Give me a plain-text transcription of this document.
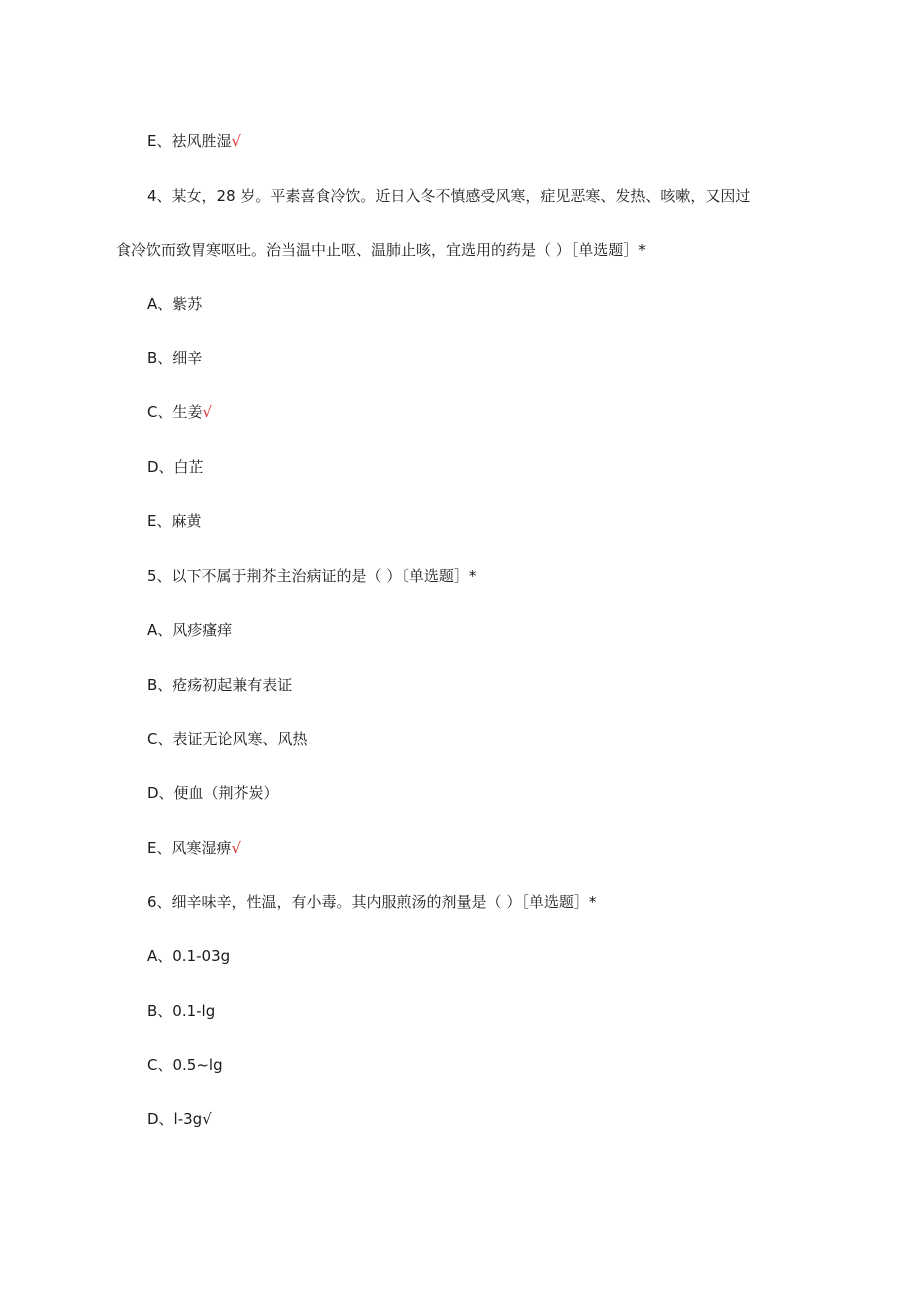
E、祛风胜湿√
4、某女，28 岁。平素喜食冷饮。近日入冬不慎感受风寒，症见恶寒、发热、咳嗽，又因过
食冷饮而致胃寒呕吐。治当温中止呕、温肺止咳，宜选用的药是（ ）［单选题］*
A、紫苏
B、细辛
C、生姜√
D、白芷
E、麻黄
5、以下不属于荆芥主治病证的是（ ）〔单选题］*
A、风疹瘙痒
B、疮疡初起兼有表证
C、表证无论风寒、风热
D、便血（荆芥炭）
E、风寒湿痹√
6、细辛味辛，性温，有小毒。其内服煎汤的剂量是（ ）［单选题］*
A、0.1-03g
B、0.1-lg
C、0.5~lg
D、l-3g√
